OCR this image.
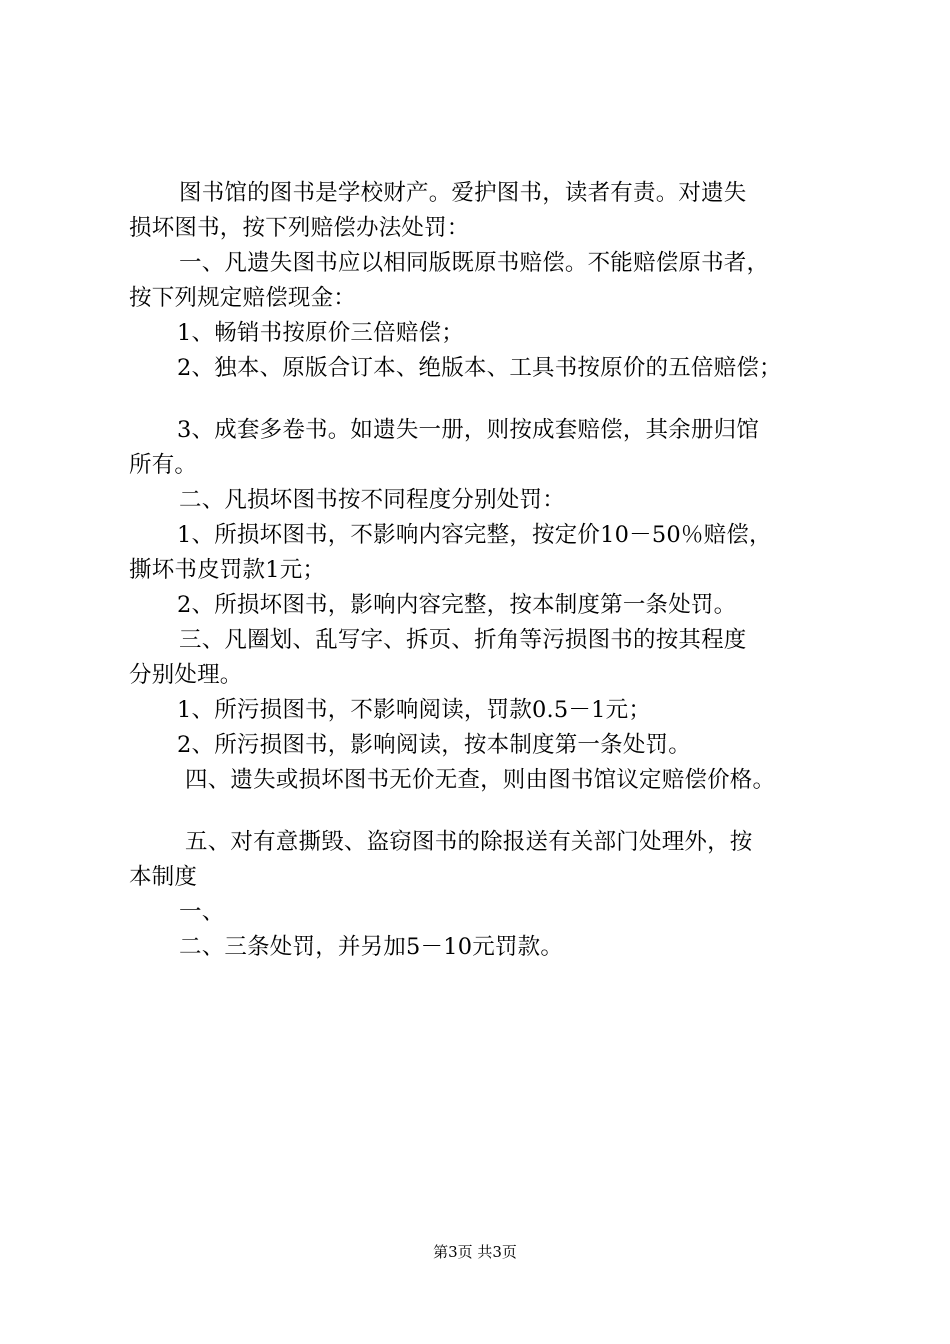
图书馆的图书是学校财产。爱护图书，读者有责。对遗失
损坏图书，按下列赔偿办法处罚：
一、凡遗失图书应以相同版既原书赔偿。不能赔偿原书者，
按下列规定赔偿现金：
1、畅销书按原价三倍赔偿；
2、独本、原版合订本、绝版本、工具书按原价的五倍赔偿；
3、成套多卷书。如遗失一册，则按成套赔偿，其余册归馆
所有。
二、凡损坏图书按不同程度分别处罚：
1、所损坏图书，不影响内容完整，按定价10－50％赔偿，
撕坏书皮罚款1元；
2、所损坏图书，影响内容完整，按本制度第一条处罚。
三、凡圈划、乱写字、拆页、折角等污损图书的按其程度
分别处理。
1、所污损图书，不影响阅读，罚款0.5－1元；
2、所污损图书，影响阅读，按本制度第一条处罚。
四、遗失或损坏图书无价无查，则由图书馆议定赔偿价格。
五、对有意撕毁、盗窃图书的除报送有关部门处理外，按
本制度
一、
二、三条处罚，并另加5－10元罚款。
第3页 共3页
